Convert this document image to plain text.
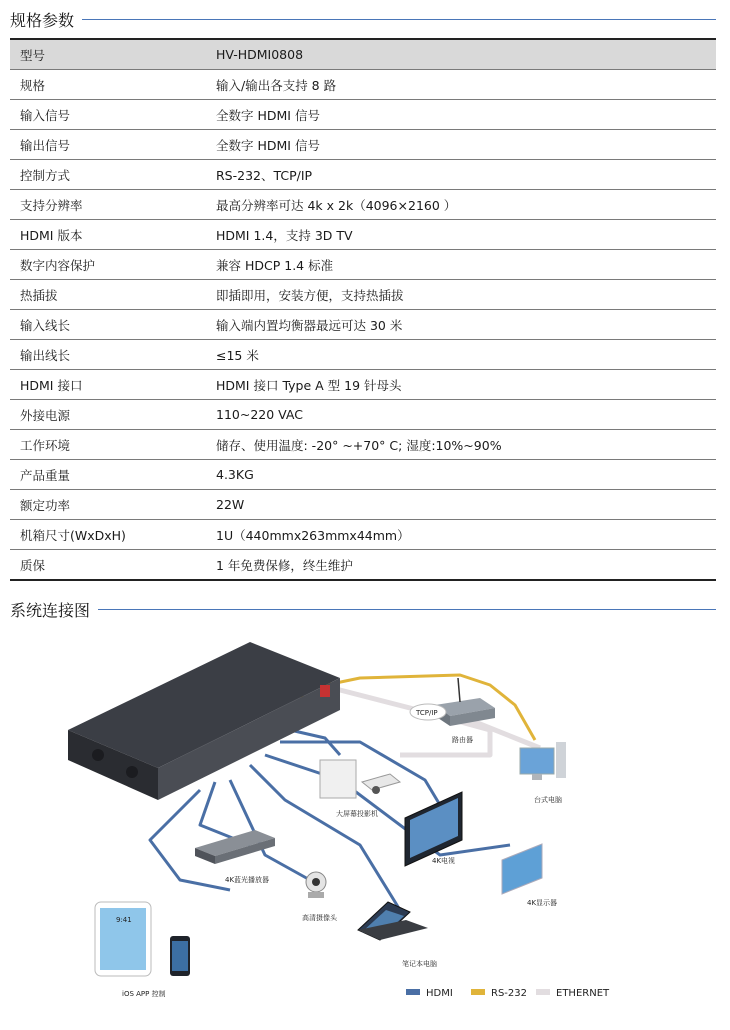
规格参数
型号	HV-HDMI0808
规格	输入/输出各支持 8 路
输入信号	全数字 HDMI 信号
输出信号	全数字 HDMI 信号
控制方式	RS-232、TCP/IP
支持分辨率	最高分辨率可达 4k x 2k（4096×2160 ）
HDMI 版本	HDMI 1.4，支持 3D TV
数字内容保护	兼容 HDCP 1.4 标准
热插拔	即插即用，安装方便，支持热插拔
输入线长	输入端内置均衡器最远可达 30 米
输出线长	≤15 米
HDMI 接口	HDMI 接口 Type A 型 19 针母头
外接电源	110~220 VAC
工作环境	储存、使用温度: -20° ~+70° C; 湿度:10%~90%
产品重量	4.3KG
额定功率	22W
机箱尺寸(WxDxH)	1U（440mmx263mmx44mm）
质保	1 年免费保修，终生维护
系统连接图
TCP/IP
路由器
台式电脑
大屏幕投影机
4K电视
4K显示器
4K蓝光播放器
高清摄像头
笔记本电脑
9:41
iOS APP 控制	HDMI	RS-232	ETHERNET
